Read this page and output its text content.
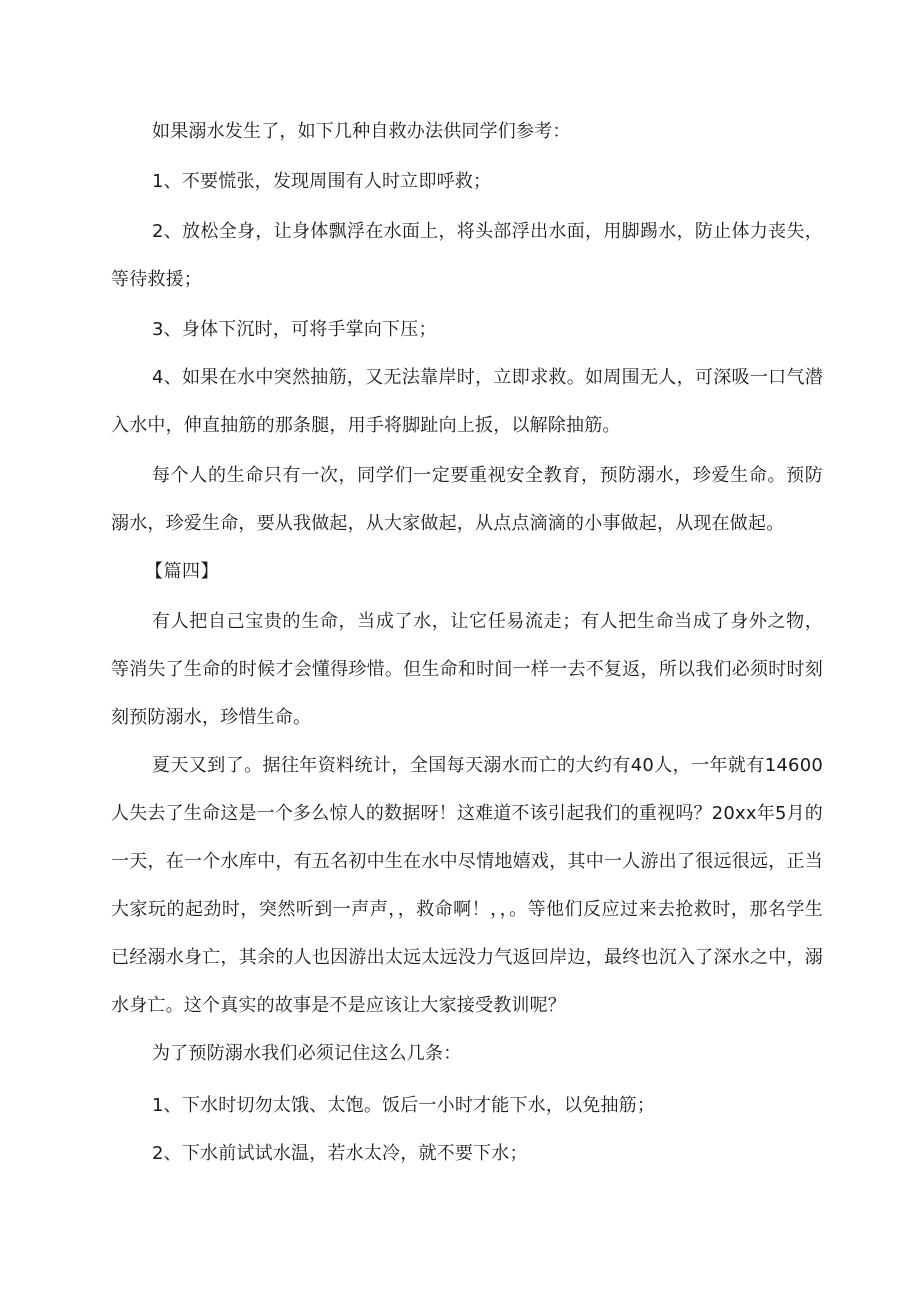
如果溺水发生了，如下几种自救办法供同学们参考：

1、不要慌张，发现周围有人时立即呼救；

2、放松全身，让身体飘浮在水面上，将头部浮出水面，用脚踢水，防止体力丧失，等待救援；

3、身体下沉时，可将手掌向下压；

4、如果在水中突然抽筋，又无法靠岸时，立即求救。如周围无人，可深吸一口气潜入水中，伸直抽筋的那条腿，用手将脚趾向上扳，以解除抽筋。

每个人的生命只有一次，同学们一定要重视安全教育，预防溺水，珍爱生命。预防溺水，珍爱生命，要从我做起，从大家做起，从点点滴滴的小事做起，从现在做起。

【篇四】

有人把自己宝贵的生命，当成了水，让它任易流走；有人把生命当成了身外之物，等消失了生命的时候才会懂得珍惜。但生命和时间一样一去不复返，所以我们必须时时刻刻预防溺水，珍惜生命。

夏天又到了。据往年资料统计，全国每天溺水而亡的大约有40人，一年就有14600人失去了生命这是一个多么惊人的数据呀！这难道不该引起我们的重视吗？20xx年5月的一天，在一个水库中，有五名初中生在水中尽情地嬉戏，其中一人游出了很远很远，正当大家玩的起劲时，突然听到一声声，，救命啊！，，。等他们反应过来去抢救时，那名学生已经溺水身亡，其余的人也因游出太远太远没力气返回岸边，最终也沉入了深水之中，溺水身亡。这个真实的故事是不是应该让大家接受教训呢？

为了预防溺水我们必须记住这么几条：

1、下水时切勿太饿、太饱。饭后一小时才能下水，以免抽筋；

2、下水前试试水温，若水太冷，就不要下水；
